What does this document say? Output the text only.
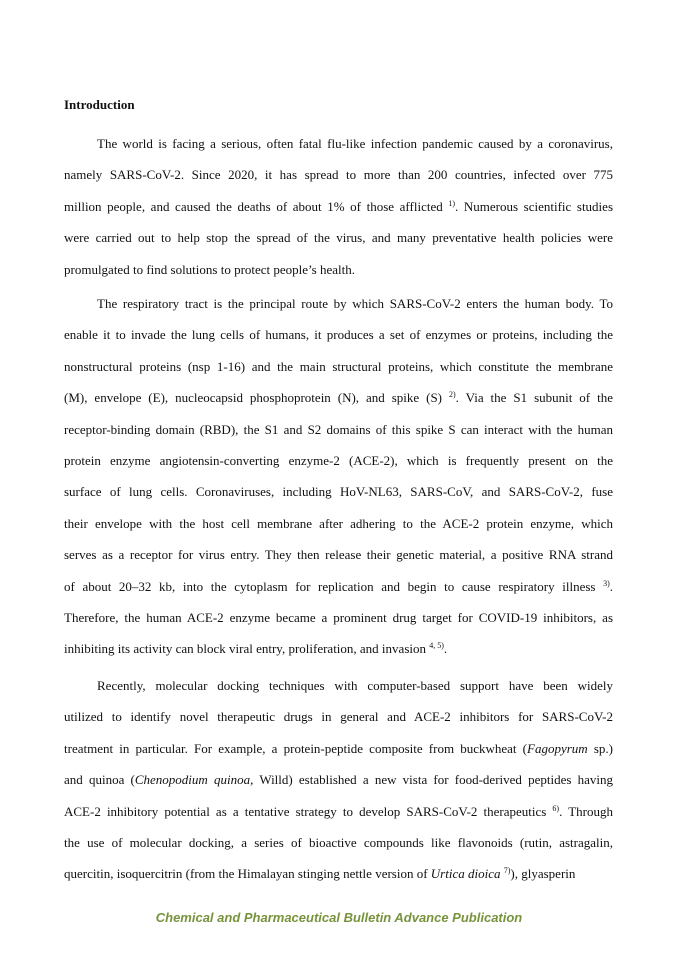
Introduction
The world is facing a serious, often fatal flu-like infection pandemic caused by a coronavirus,
namely SARS-CoV-2. Since 2020, it has spread to more than 200 countries, infected over 775
million people, and caused the deaths of about 1% of those afflicted $^{1)}$. Numerous scientific studies
were carried out to help stop the spread of the virus, and many preventative health policies were
promulgated to find solutions to protect people’s health.
The respiratory tract is the principal route by which SARS-CoV-2 enters the human body. To
enable it to invade the lung cells of humans, it produces a set of enzymes or proteins, including the
nonstructural proteins (nsp 1-16) and the main structural proteins, which constitute the membrane
(M), envelope (E), nucleocapsid phosphoprotein (N), and spike (S) $^{2)}$. Via the S1 subunit of the
receptor-binding domain (RBD), the S1 and S2 domains of this spike S can interact with the human
protein enzyme angiotensin-converting enzyme-2 (ACE-2), which is frequently present on the
surface of lung cells. Coronaviruses, including HoV-NL63, SARS-CoV, and SARS-CoV-2, fuse
their envelope with the host cell membrane after adhering to the ACE-2 protein enzyme, which
serves as a receptor for virus entry. They then release their genetic material, a positive RNA strand
of about 20–32 kb, into the cytoplasm for replication and begin to cause respiratory illness $^{3)}$.
Therefore, the human ACE-2 enzyme became a prominent drug target for COVID-19 inhibitors, as
inhibiting its activity can block viral entry, proliferation, and invasion $^{4, 5)}$.
Recently, molecular docking techniques with computer-based support have been widely
utilized to identify novel therapeutic drugs in general and ACE-2 inhibitors for SARS-CoV-2
treatment in particular. For example, a protein-peptide composite from buckwheat (Fagopyrum sp.)
and quinoa (Chenopodium quinoa, Willd) established a new vista for food-derived peptides having
ACE-2 inhibitory potential as a tentative strategy to develop SARS-CoV-2 therapeutics $^{6)}$. Through
the use of molecular docking, a series of bioactive compounds like flavonoids (rutin, astragalin,
quercitin, isoquercitrin (from the Himalayan stinging nettle version of Urtica dioica $^{7)}$), glyasperin
Chemical and Pharmaceutical Bulletin Advance Publication
